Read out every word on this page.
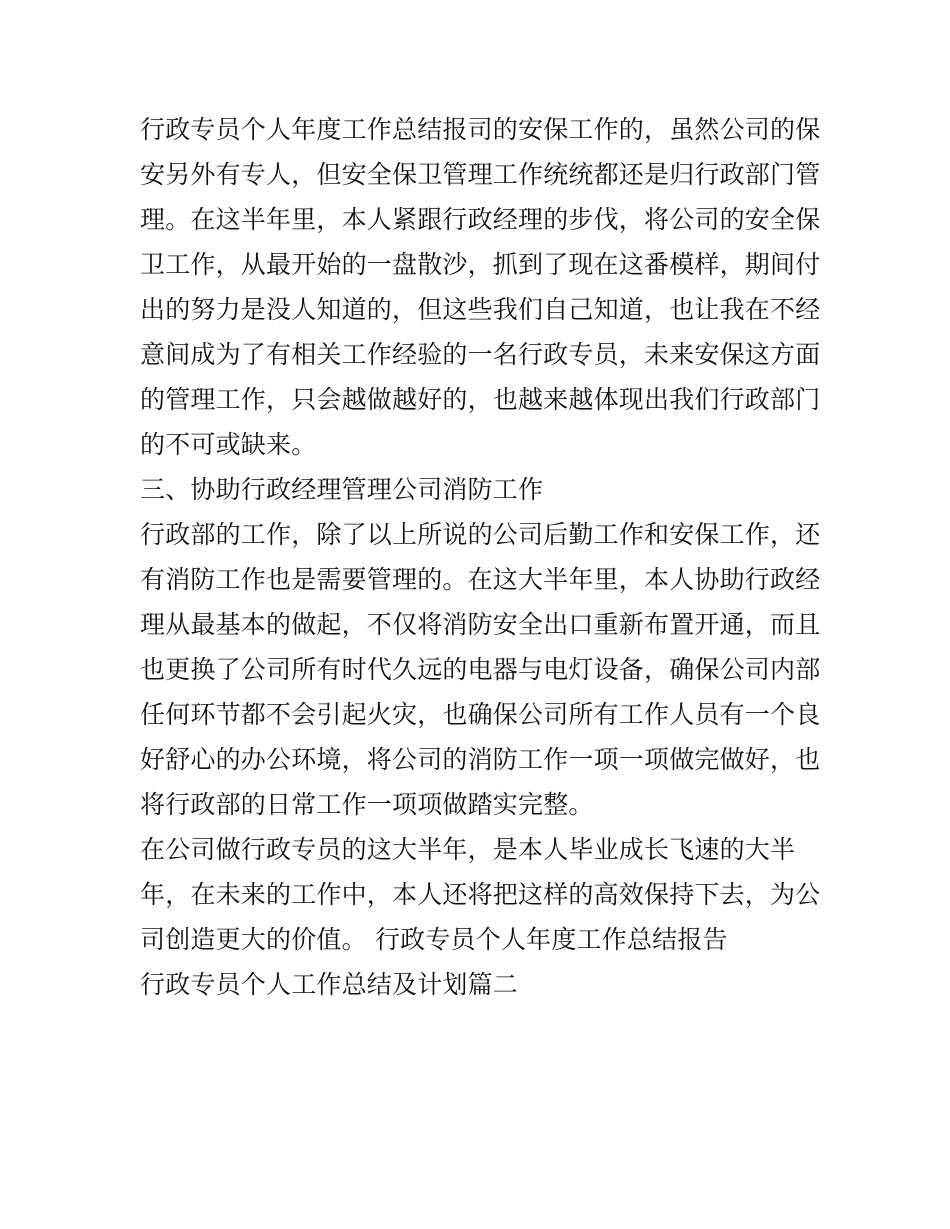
行政专员个人年度工作总结报司的安保工作的，虽然公司的保
安另外有专人，但安全保卫管理工作统统都还是归行政部门管
理。在这半年里，本人紧跟行政经理的步伐，将公司的安全保
卫工作，从最开始的一盘散沙，抓到了现在这番模样，期间付
出的努力是没人知道的，但这些我们自己知道，也让我在不经
意间成为了有相关工作经验的一名行政专员，未来安保这方面
的管理工作，只会越做越好的，也越来越体现出我们行政部门
的不可或缺来。
三、协助行政经理管理公司消防工作
行政部的工作，除了以上所说的公司后勤工作和安保工作，还
有消防工作也是需要管理的。在这大半年里，本人协助行政经
理从最基本的做起，不仅将消防安全出口重新布置开通，而且
也更换了公司所有时代久远的电器与电灯设备，确保公司内部
任何环节都不会引起火灾，也确保公司所有工作人员有一个良
好舒心的办公环境，将公司的消防工作一项一项做完做好，也
将行政部的日常工作一项项做踏实完整。
在公司做行政专员的这大半年，是本人毕业成长飞速的大半
年，在未来的工作中，本人还将把这样的高效保持下去，为公
司创造更大的价值。 行政专员个人年度工作总结报告
行政专员个人工作总结及计划篇二
